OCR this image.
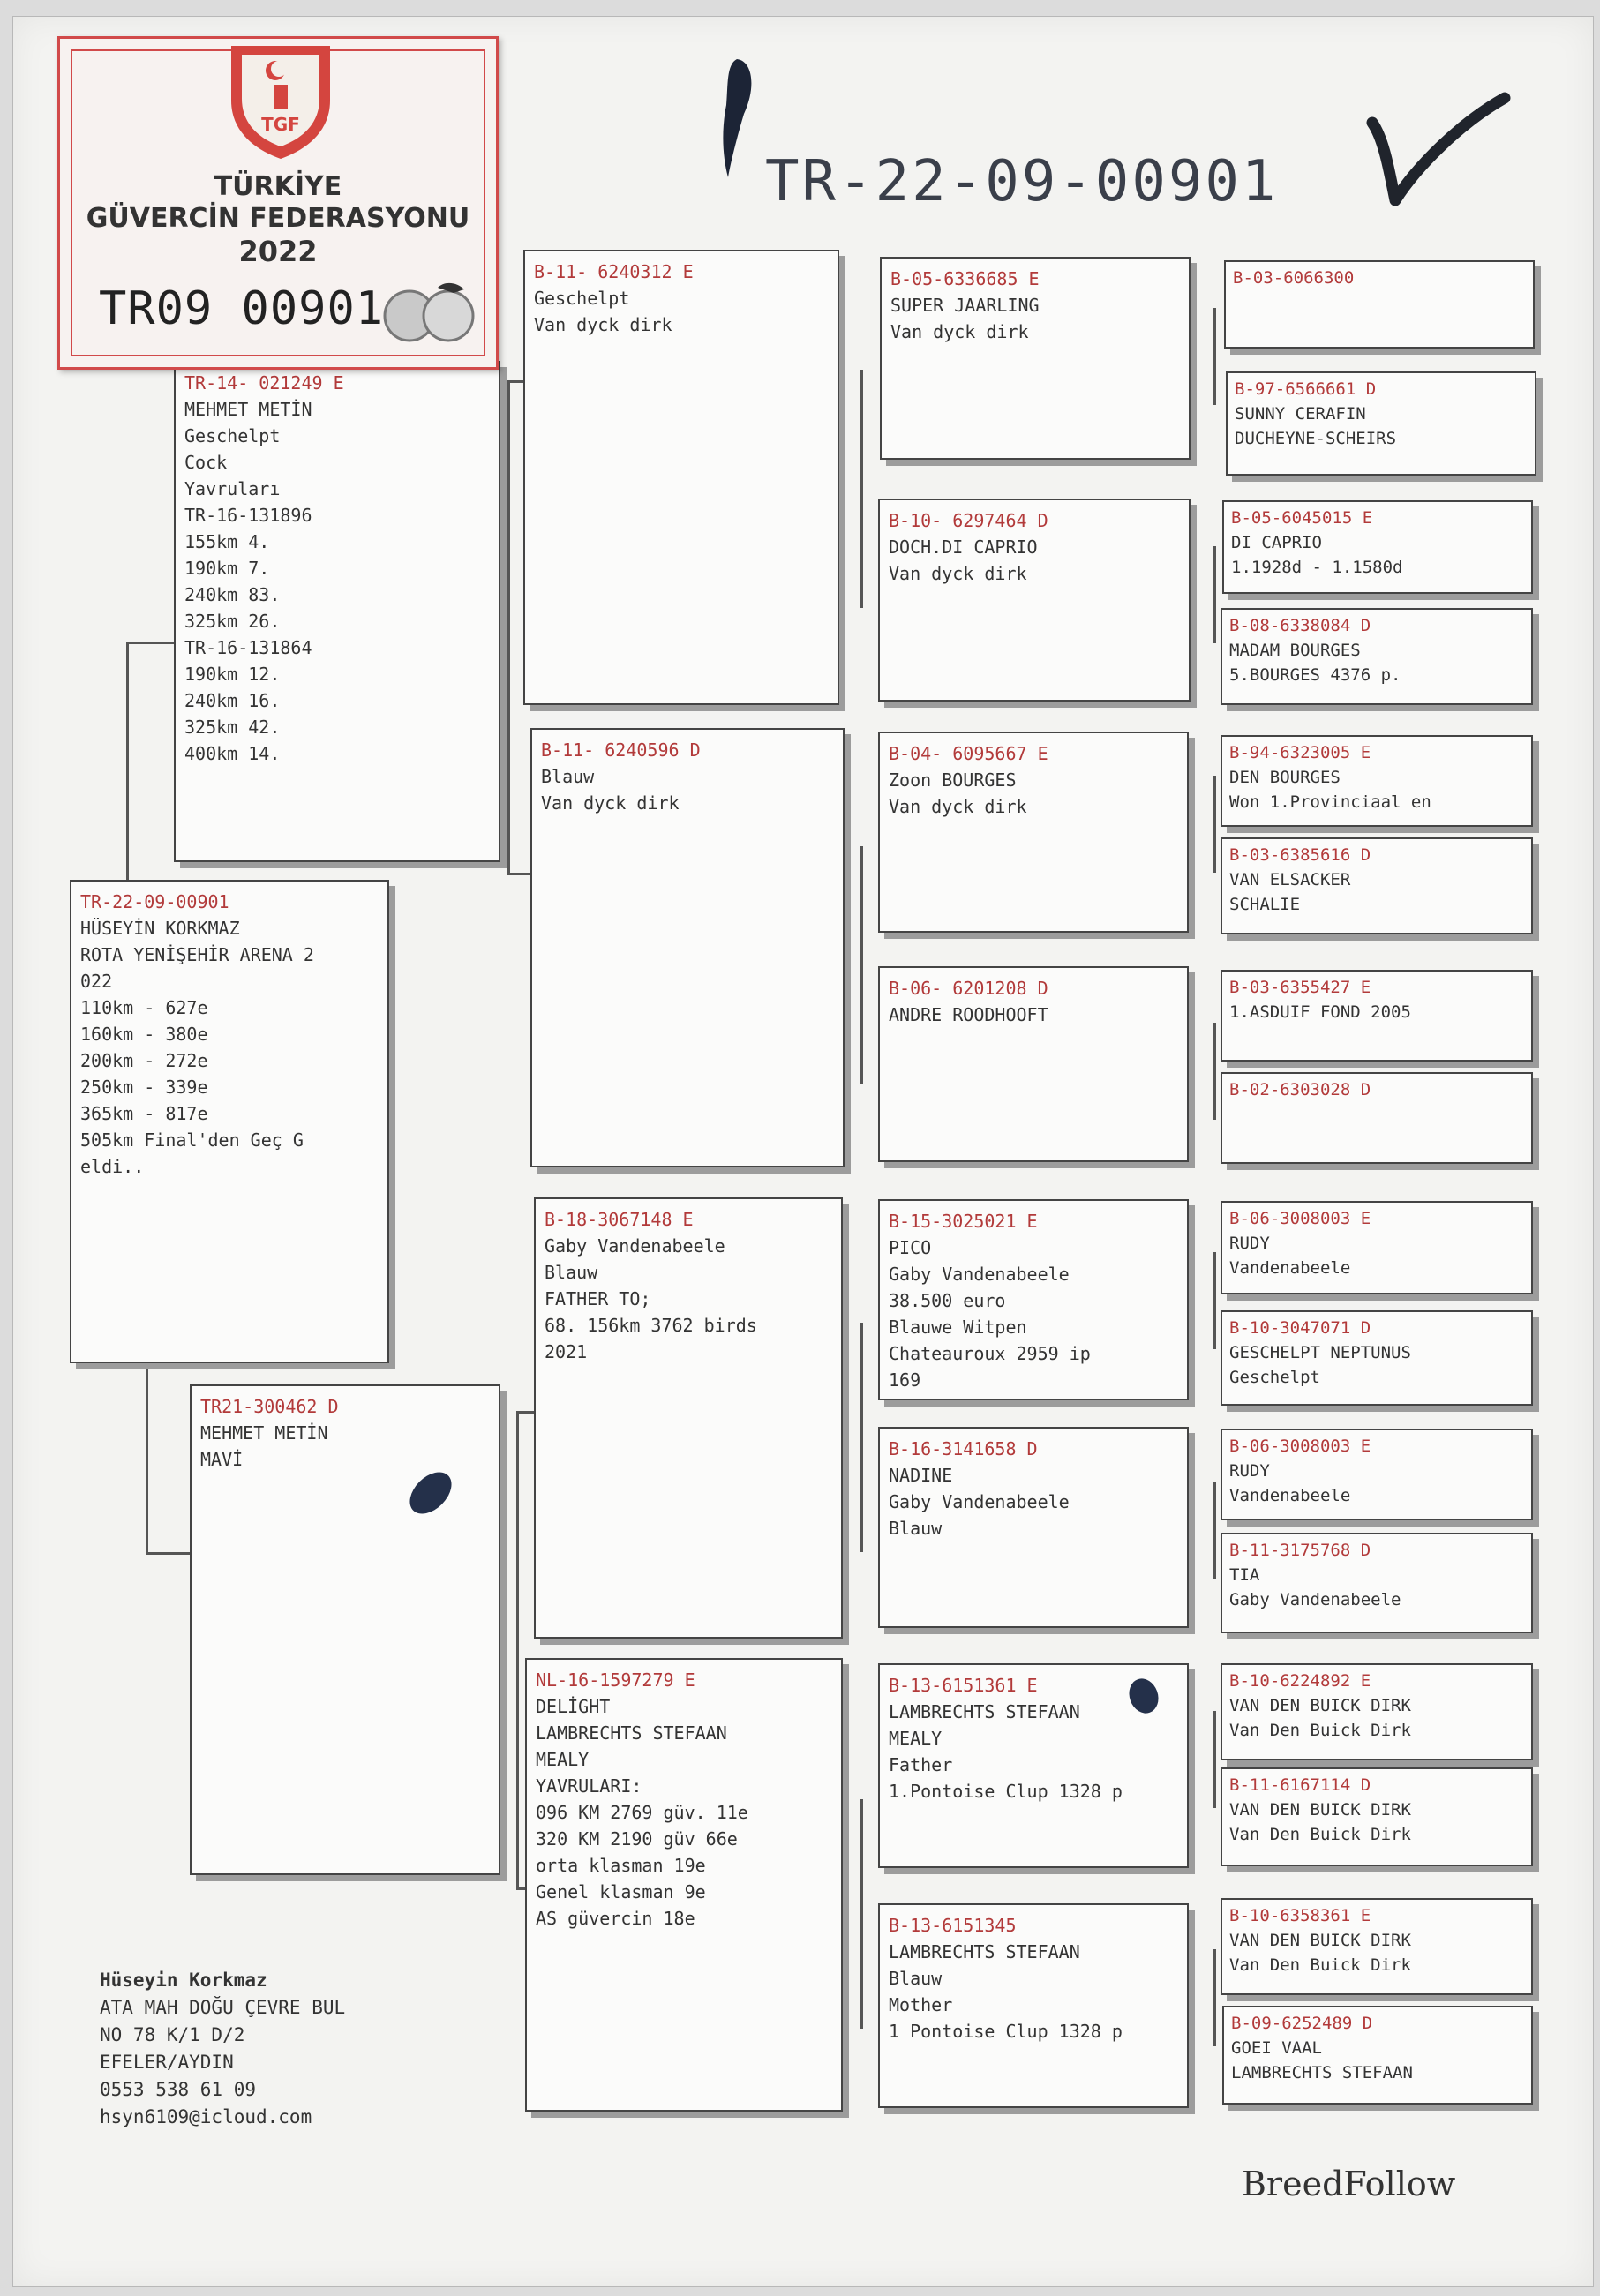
TR-22-09-00901
TR-22-09-00901
HÜSEYİN KORKMAZ
ROTA YENİŞEHİR ARENA 2
022
110km - 627e
160km - 380e
200km - 272e
250km - 339e
365km - 817e
505km Final'den Geç G
eldi..
TR-14- 021249 E
MEHMET METİN
Geschelpt
Cock
Yavruları
TR-16-131896
155km 4.
190km 7.
240km 83.
325km 26.
TR-16-131864
190km 12.
240km 16.
325km 42.
400km 14.
TR21-300462 D
MEHMET METİN
MAVİ
B-11- 6240312 E
Geschelpt
Van dyck dirk
B-11- 6240596 D
Blauw
Van dyck dirk
B-18-3067148 E
Gaby Vandenabeele
Blauw
FATHER TO;
68. 156km 3762 birds
2021
NL-16-1597279 E
DELİGHT
LAMBRECHTS STEFAAN
MEALY
YAVRULARI:
096 KM 2769 güv. 11e
320 KM 2190 güv 66e
orta klasman 19e
Genel klasman 9e
AS güvercin 18e
B-05-6336685 E
SUPER JAARLING
Van dyck dirk
B-10- 6297464 D
DOCH.DI CAPRIO
Van dyck dirk
B-04- 6095667 E
Zoon BOURGES
Van dyck dirk
B-06- 6201208 D
ANDRE ROODHOOFT
B-15-3025021 E
PICO
Gaby Vandenabeele
38.500 euro
Blauwe Witpen
Chateauroux 2959 ip
169
B-16-3141658 D
NADINE
Gaby Vandenabeele
Blauw
B-13-6151361 E
LAMBRECHTS STEFAAN
MEALY
Father
1.Pontoise Clup 1328 p
B-13-6151345
LAMBRECHTS STEFAAN
Blauw
Mother
1 Pontoise Clup 1328 p
B-03-6066300
B-97-6566661 D
SUNNY CERAFIN
DUCHEYNE-SCHEIRS
B-05-6045015 E
DI CAPRIO
1.1928d - 1.1580d
B-08-6338084 D
MADAM BOURGES
5.BOURGES 4376 p.
B-94-6323005 E
DEN BOURGES
Won 1.Provinciaal en
B-03-6385616 D
VAN ELSACKER
SCHALIE
B-03-6355427 E
1.ASDUIF FOND 2005
B-02-6303028 D
B-06-3008003 E
RUDY
Vandenabeele
B-10-3047071 D
GESCHELPT NEPTUNUS
Geschelpt
B-06-3008003 E
RUDY
Vandenabeele
B-11-3175768 D
TIA
Gaby Vandenabeele
B-10-6224892 E
VAN DEN BUICK DIRK
Van Den Buick Dirk
B-11-6167114 D
VAN DEN BUICK DIRK
Van Den Buick Dirk
B-10-6358361 E
VAN DEN BUICK DIRK
Van Den Buick Dirk
B-09-6252489 D
GOEI VAAL
LAMBRECHTS STEFAAN
Hüseyin Korkmaz
ATA MAH DOĞU ÇEVRE BUL
NO 78 K/1 D/2
EFELER/AYDIN
0553 538 61 09
hsyn6109@icloud.com
BreedFollow
TGF
TÜRKİYE
GÜVERCİN FEDERASYONU
2022
TR09 00901
